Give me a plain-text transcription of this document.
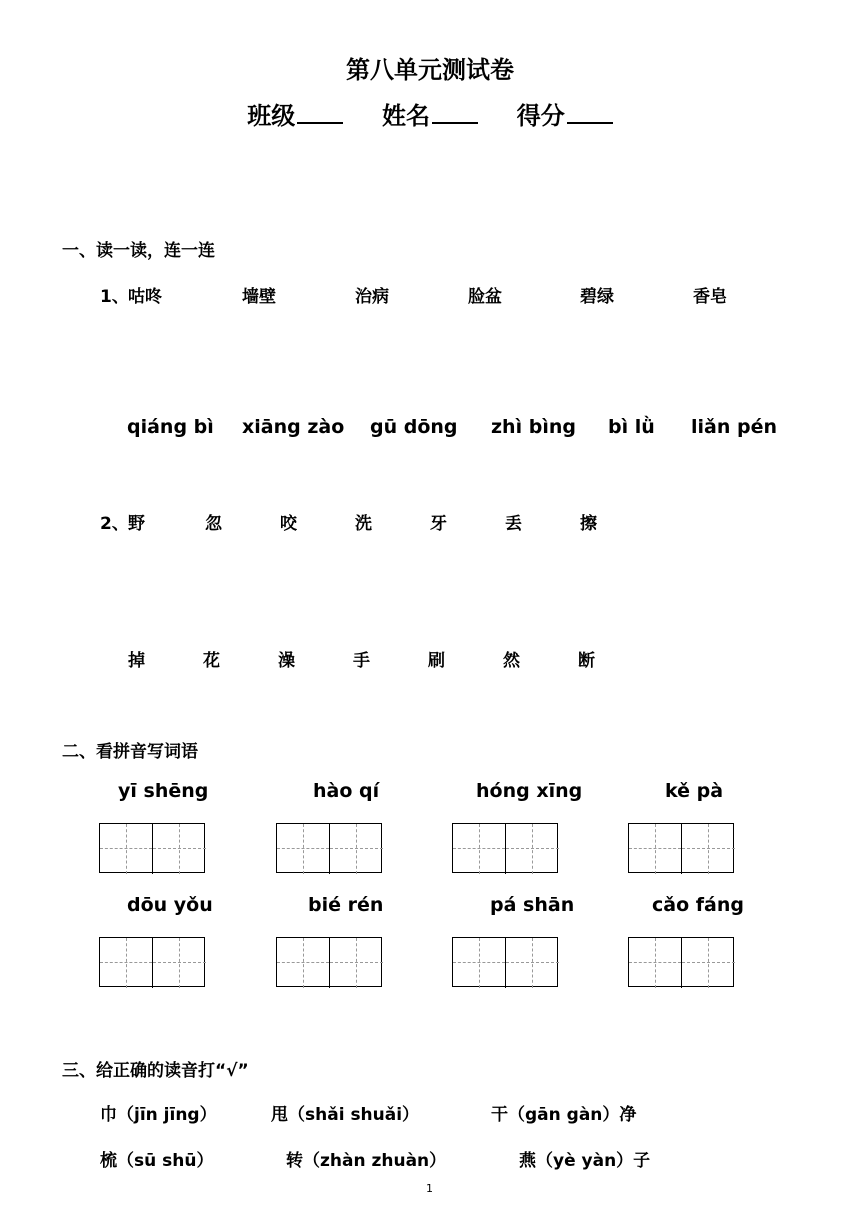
第八单元测试卷
班级	姓名	得分
一、读一读，连一连
1、 咕咚	墙壁	治病	脸盆	碧绿	香皂
qiáng bì xiāng zào gū dōng zhì bìng bì lǜ liǎn pén
2、 野	忽	咬	洗	牙	丢	擦
掉	花	澡	手	刷	然	断
二、看拼音写词语
yī shēng	hào qí	hóng xīng	kě pà
dōu yǒu	bié rén	pá shān	cǎo fáng
三、给正确的读音打“√”
巾（jīn jīng）	甩（shǎi shuǎi）	干（gān gàn）净
梳（sū shū）	转（zhàn zhuàn）	燕（yè yàn）子
1
